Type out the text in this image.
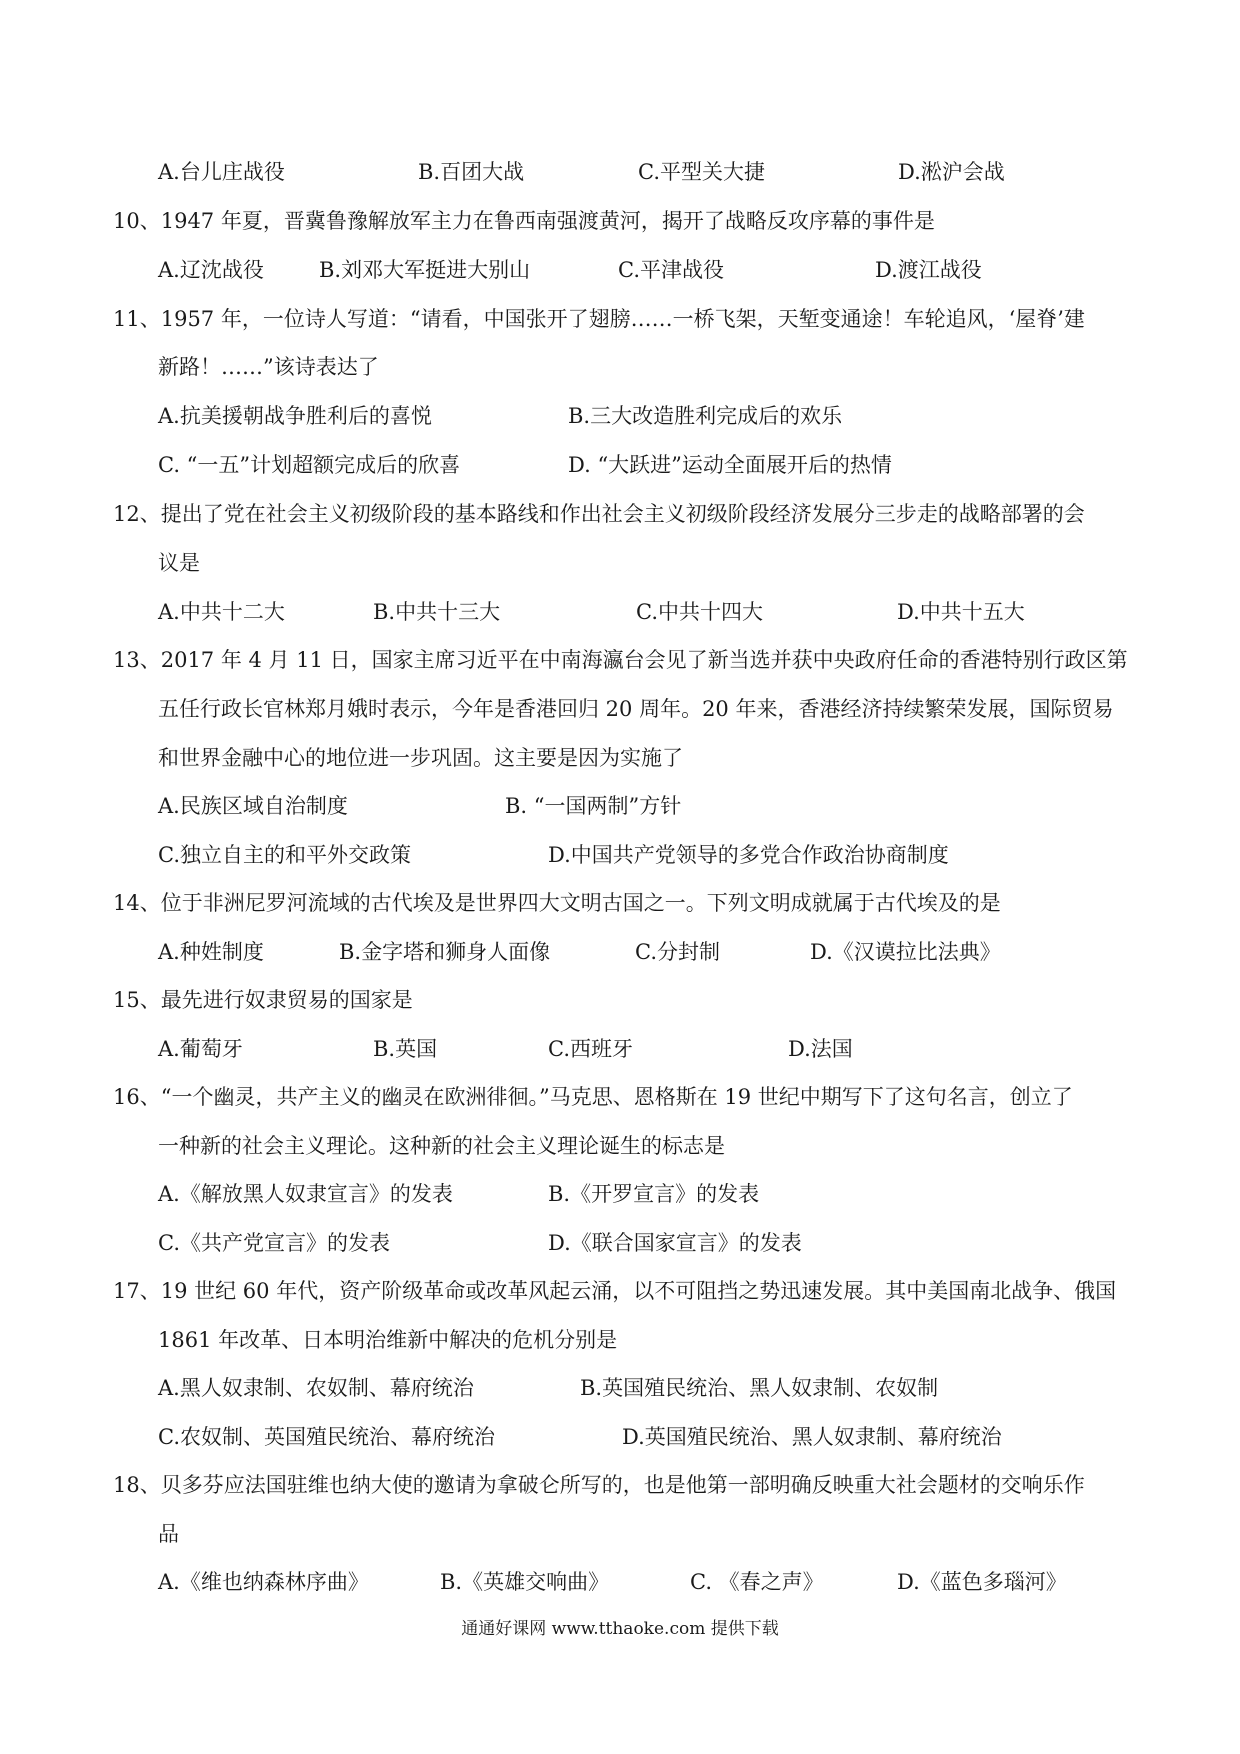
A.台儿庄战役	B.百团大战	C.平型关大捷	D.淞沪会战
10、1947 年夏，晋冀鲁豫解放军主力在鲁西南强渡黄河，揭开了战略反攻序幕的事件是
A.辽沈战役	B.刘邓大军挺进大别山	C.平津战役	D.渡江战役
11、1957 年，一位诗人写道：“请看，中国张开了翅膀……一桥飞架，天堑变通途！车轮追风，‘屋脊’建
新路！……”该诗表达了
A.抗美援朝战争胜利后的喜悦	B.三大改造胜利完成后的欢乐
C. “一五”计划超额完成后的欣喜	D. “大跃进”运动全面展开后的热情
12、提出了党在社会主义初级阶段的基本路线和作出社会主义初级阶段经济发展分三步走的战略部署的会
议是
A.中共十二大	B.中共十三大	C.中共十四大	D.中共十五大
13、2017 年 4 月 11 日，国家主席习近平在中南海瀛台会见了新当选并获中央政府任命的香港特别行政区第
五任行政长官林郑月娥时表示，今年是香港回归 20 周年。20 年来，香港经济持续繁荣发展，国际贸易
和世界金融中心的地位进一步巩固。这主要是因为实施了
A.民族区域自治制度	B. “一国两制”方针
C.独立自主的和平外交政策	D.中国共产党领导的多党合作政治协商制度
14、位于非洲尼罗河流域的古代埃及是世界四大文明古国之一。下列文明成就属于古代埃及的是
A.种姓制度	B.金字塔和狮身人面像	C.分封制	D.《汉谟拉比法典》
15、最先进行奴隶贸易的国家是
A.葡萄牙	B.英国	C.西班牙	D.法国
16、“一个幽灵，共产主义的幽灵在欧洲徘徊。”马克思、恩格斯在 19 世纪中期写下了这句名言，创立了
一种新的社会主义理论。这种新的社会主义理论诞生的标志是
A.《解放黑人奴隶宣言》的发表	B.《开罗宣言》的发表
C.《共产党宣言》的发表	D.《联合国家宣言》的发表
17、19 世纪 60 年代，资产阶级革命或改革风起云涌，以不可阻挡之势迅速发展。其中美国南北战争、俄国
1861 年改革、日本明治维新中解决的危机分别是
A.黑人奴隶制、农奴制、幕府统治	B.英国殖民统治、黑人奴隶制、农奴制
C.农奴制、英国殖民统治、幕府统治	D.英国殖民统治、黑人奴隶制、幕府统治
18、贝多芬应法国驻维也纳大使的邀请为拿破仑所写的，也是他第一部明确反映重大社会题材的交响乐作
品
A.《维也纳森林序曲》	B.《英雄交响曲》	C. 《春之声》	D.《蓝色多瑙河》
通通好课网 www.tthaoke.com 提供下载
